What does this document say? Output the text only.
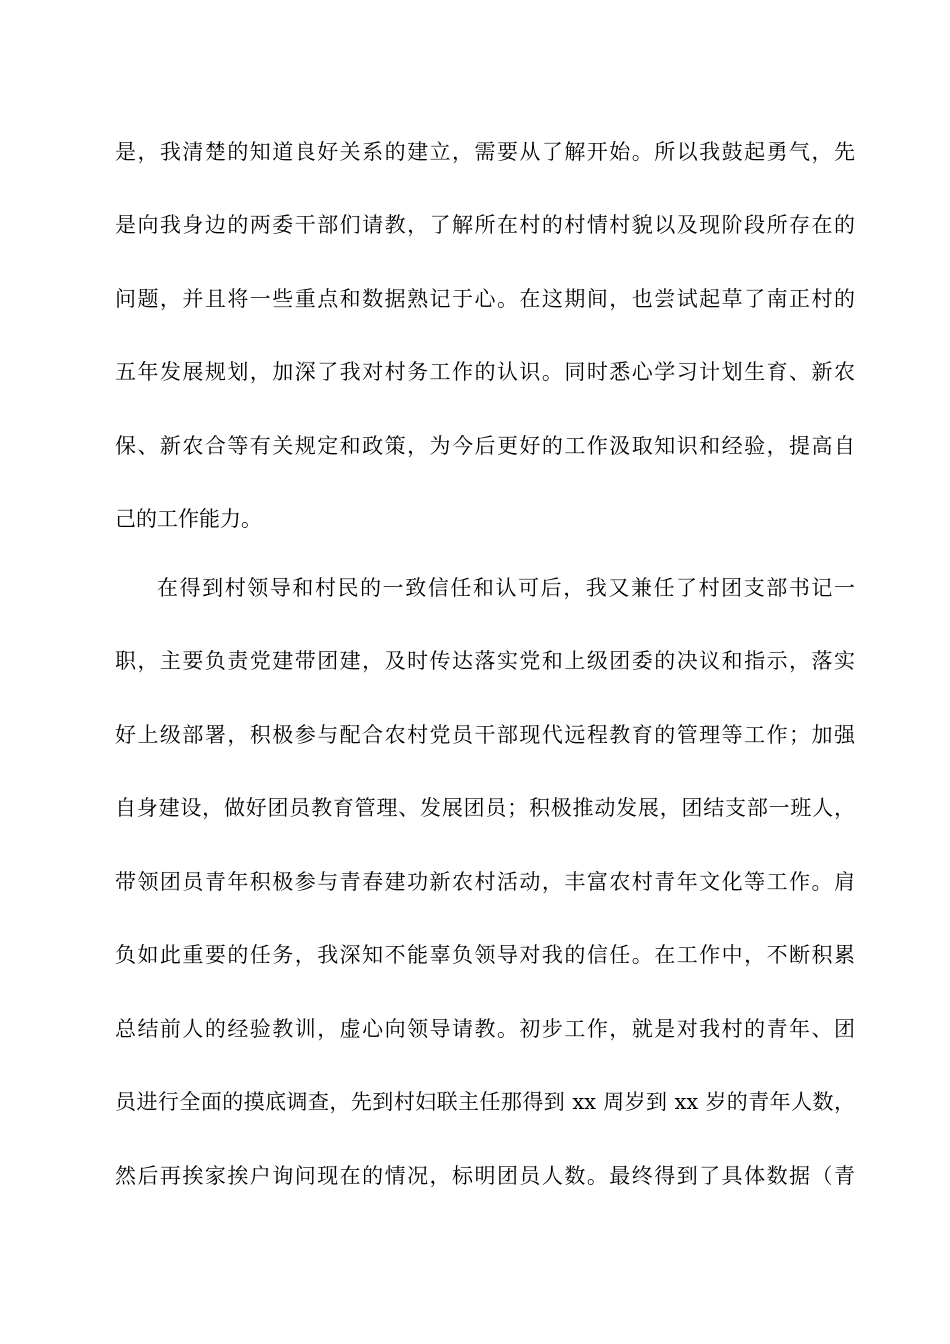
是，我清楚的知道良好关系的建立，需要从了解开始。所以我鼓起勇气，先
是向我身边的两委干部们请教，了解所在村的村情村貌以及现阶段所存在的
问题，并且将一些重点和数据熟记于心。在这期间，也尝试起草了南正村的
五年发展规划，加深了我对村务工作的认识。同时悉心学习计划生育、新农
保、新农合等有关规定和政策，为今后更好的工作汲取知识和经验，提高自
己的工作能力。
在得到村领导和村民的一致信任和认可后，我又兼任了村团支部书记一
职，主要负责党建带团建，及时传达落实党和上级团委的决议和指示，落实
好上级部署，积极参与配合农村党员干部现代远程教育的管理等工作；加强
自身建设，做好团员教育管理、发展团员；积极推动发展，团结支部一班人，
带领团员青年积极参与青春建功新农村活动，丰富农村青年文化等工作。肩
负如此重要的任务，我深知不能辜负领导对我的信任。在工作中，不断积累
总结前人的经验教训，虚心向领导请教。初步工作，就是对我村的青年、团
员进行全面的摸底调查，先到村妇联主任那得到 xx 周岁到 xx 岁的青年人数，
然后再挨家挨户询问现在的情况，标明团员人数。最终得到了具体数据（青
